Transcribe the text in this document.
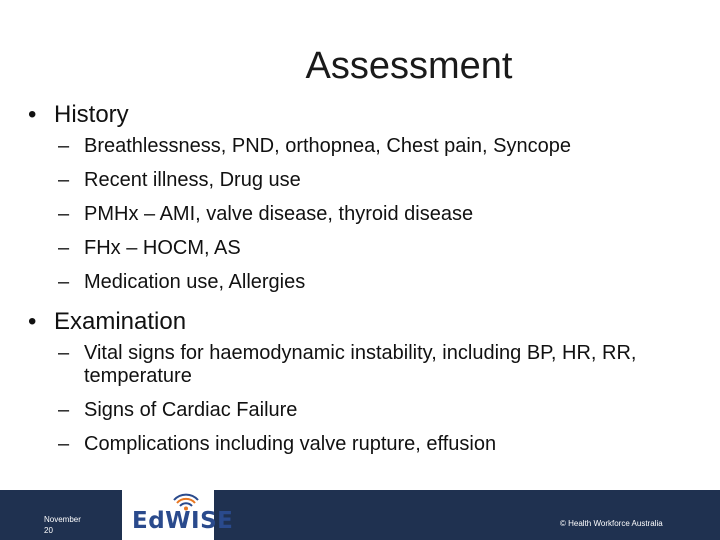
Assessment

• History

– Breathlessness, PND, orthopnea, Chest pain, Syncope
– Recent illness, Drug use
– PMHx – AMI, valve disease, thyroid disease
– FHx – HOCM, AS
– Medication use, Allergies

• Examination

– Vital signs for haemodynamic instability, including BP, HR, RR, temperature
– Signs of Cardiac Failure
– Complications including valve rupture, effusion
November
20	EdWISE	© Health Workforce Australia
